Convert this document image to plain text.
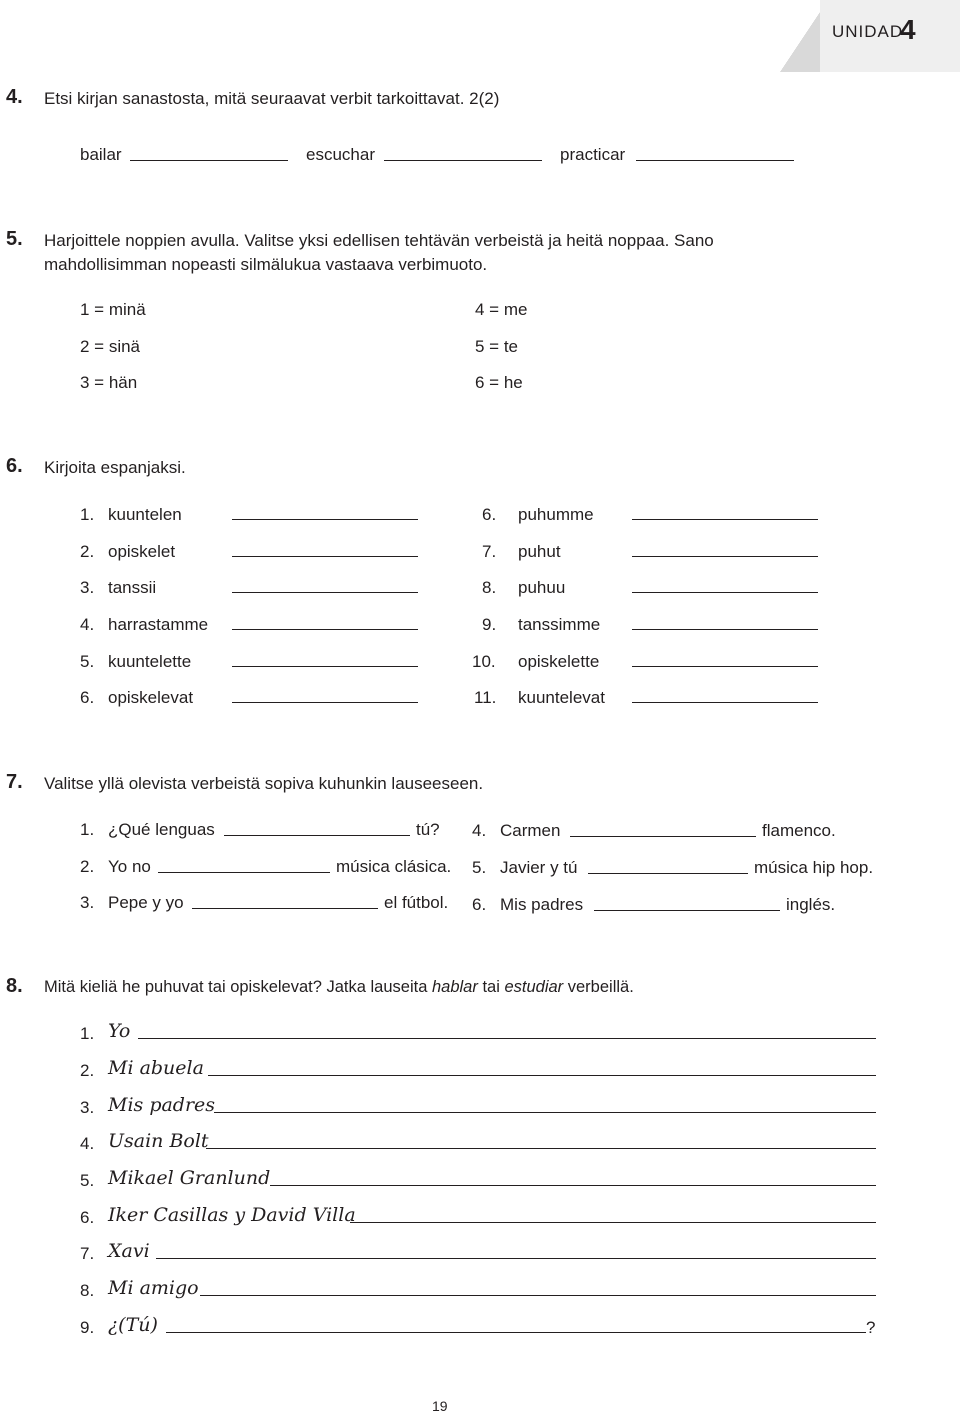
UNIDAD
4
4. Etsi kirjan sanastosta, mitä seuraavat verbit tarkoittavat. 2(2)
bailar	escuchar	practicar
5. Harjoittele noppien avulla. Valitse yksi edellisen tehtävän verbeistä ja heitä noppaa. Sano
mahdollisimman nopeasti silmälukua vastaava verbimuoto.
1 = minä
2 = sinä
3 = hän
4 = me
5 = te
6 = he
6. Kirjoita espanjaksi.
1. kuuntelen
2. opiskelet
3. tanssii
4. harrastamme
5. kuuntelette
6. opiskelevat
6. puhumme
7. puhut
8. puhuu
9. tanssimme
10. opiskelette
11. kuuntelevat
7. Valitse yllä olevista verbeistä sopiva kuhunkin lauseeseen.
1. ¿Qué lenguas	tú?
2. Yo no	música clásica.
3. Pepe y yo	el fútbol.
4. Carmen	flamenco.
5. Javier y tú	música hip hop.
6. Mis padres	inglés.
8. Mitä kieliä he puhuvat tai opiskelevat? Jatka lauseita hablar tai estudiar verbeillä.
1. Yo
2. Mi abuela
3. Mis padres
4. Usain Bolt
5. Mikael Granlund
6. Iker Casillas y David Villa
7. Xavi
8. Mi amigo
9. ¿(Tú)	?
19
